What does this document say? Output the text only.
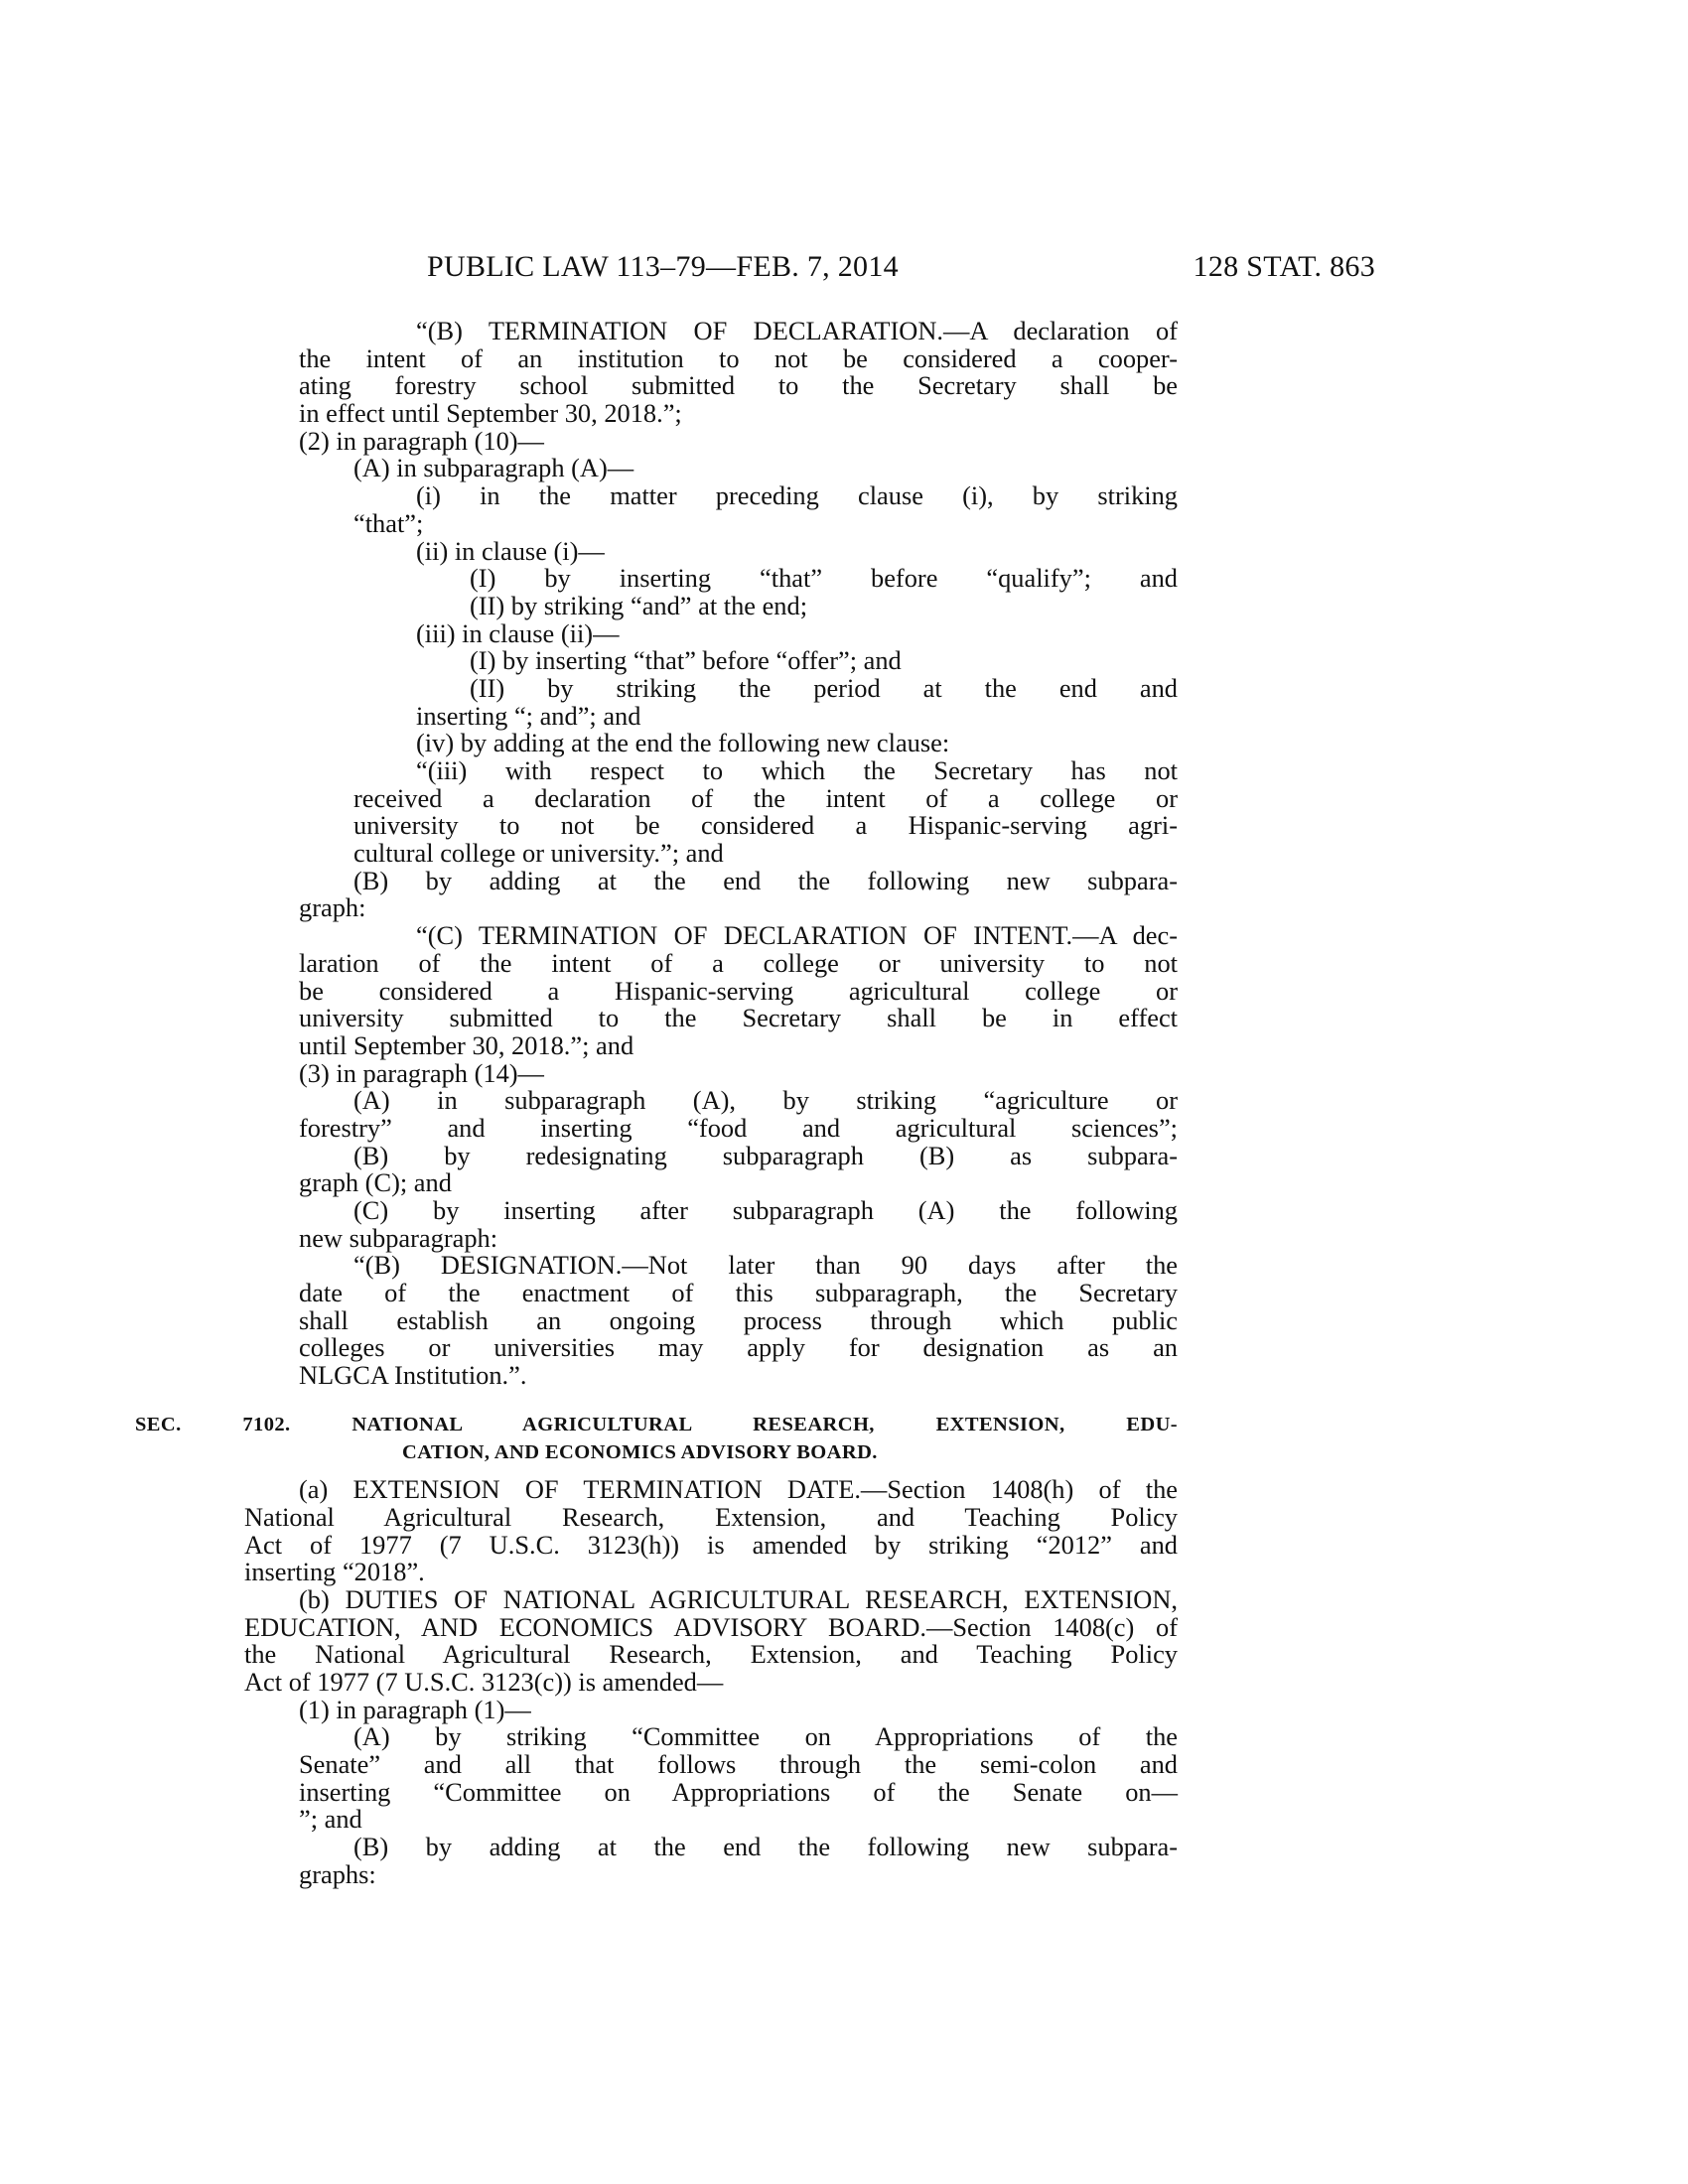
PUBLIC LAW 113–79—FEB. 7, 2014	128 STAT. 863
“(B) TERMINATION OF DECLARATION.—A declaration of
the intent of an institution to not be considered a cooper-
ating forestry school submitted to the Secretary shall be
in effect until September 30, 2018.”;
(2) in paragraph (10)—
(A) in subparagraph (A)—
(i) in the matter preceding clause (i), by striking
“that”;
(ii) in clause (i)—
(I) by inserting “that” before “qualify”; and
(II) by striking “and” at the end;
(iii) in clause (ii)—
(I) by inserting “that” before “offer”; and
(II) by striking the period at the end and
inserting “; and”; and
(iv) by adding at the end the following new clause:
“(iii) with respect to which the Secretary has not
received a declaration of the intent of a college or
university to not be considered a Hispanic-serving agri-
cultural college or university.”; and
(B) by adding at the end the following new subpara-
graph:
“(C) TERMINATION OF DECLARATION OF INTENT.—A dec-
laration of the intent of a college or university to not
be considered a Hispanic-serving agricultural college or
university submitted to the Secretary shall be in effect
until September 30, 2018.”; and
(3) in paragraph (14)—
(A) in subparagraph (A), by striking “agriculture or
forestry” and inserting “food and agricultural sciences”;
(B) by redesignating subparagraph (B) as subpara-
graph (C); and
(C) by inserting after subparagraph (A) the following
new subparagraph:
“(B) DESIGNATION.—Not later than 90 days after the
date of the enactment of this subparagraph, the Secretary
shall establish an ongoing process through which public
colleges or universities may apply for designation as an
NLGCA Institution.”.
SEC. 7102. NATIONAL AGRICULTURAL RESEARCH, EXTENSION, EDU-
CATION, AND ECONOMICS ADVISORY BOARD.
(a) EXTENSION OF TERMINATION DATE.—Section 1408(h) of the
National Agricultural Research, Extension, and Teaching Policy
Act of 1977 (7 U.S.C. 3123(h)) is amended by striking “2012” and
inserting “2018”.
(b) DUTIES OF NATIONAL AGRICULTURAL RESEARCH, EXTENSION,
EDUCATION, AND ECONOMICS ADVISORY BOARD.—Section 1408(c) of
the National Agricultural Research, Extension, and Teaching Policy
Act of 1977 (7 U.S.C. 3123(c)) is amended—
(1) in paragraph (1)—
(A) by striking “Committee on Appropriations of the
Senate” and all that follows through the semi-colon and
inserting “Committee on Appropriations of the Senate on—
”; and
(B) by adding at the end the following new subpara-
graphs:
